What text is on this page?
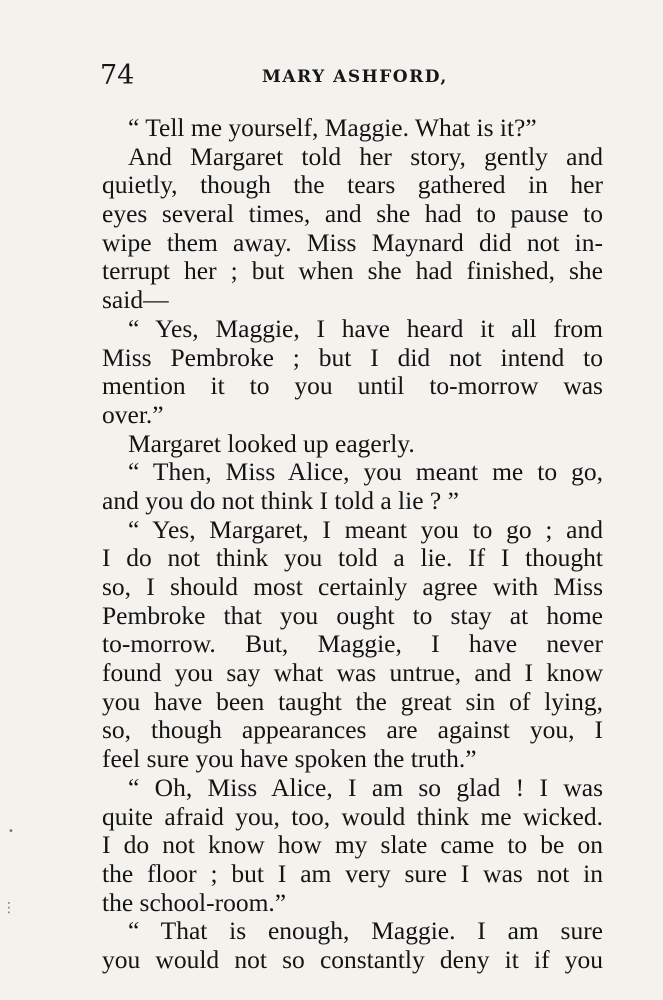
74	MARY ASHFORD,
“ Tell me yourself, Maggie. What is it?”
And Margaret told her story, gently and
quietly, though the tears gathered in her
eyes several times, and she had to pause to
wipe them away. Miss Maynard did not in-
terrupt her ; but when she had finished, she
said—
“ Yes, Maggie, I have heard it all from
Miss Pembroke ; but I did not intend to
mention it to you until to-morrow was
over.”
Margaret looked up eagerly.
“ Then, Miss Alice, you meant me to go,
and you do not think I told a lie ? ”
“ Yes, Margaret, I meant you to go ; and
I do not think you told a lie. If I thought
so, I should most certainly agree with Miss
Pembroke that you ought to stay at home
to-morrow. But, Maggie, I have never
found you say what was untrue, and I know
you have been taught the great sin of lying,
so, though appearances are against you, I
feel sure you have spoken the truth.”
“ Oh, Miss Alice, I am so glad ! I was
quite afraid you, too, would think me wicked.
I do not know how my slate came to be on
the floor ; but I am very sure I was not in
the school-room.”
“ That is enough, Maggie. I am sure
you would not so constantly deny it if you
•
⋮
